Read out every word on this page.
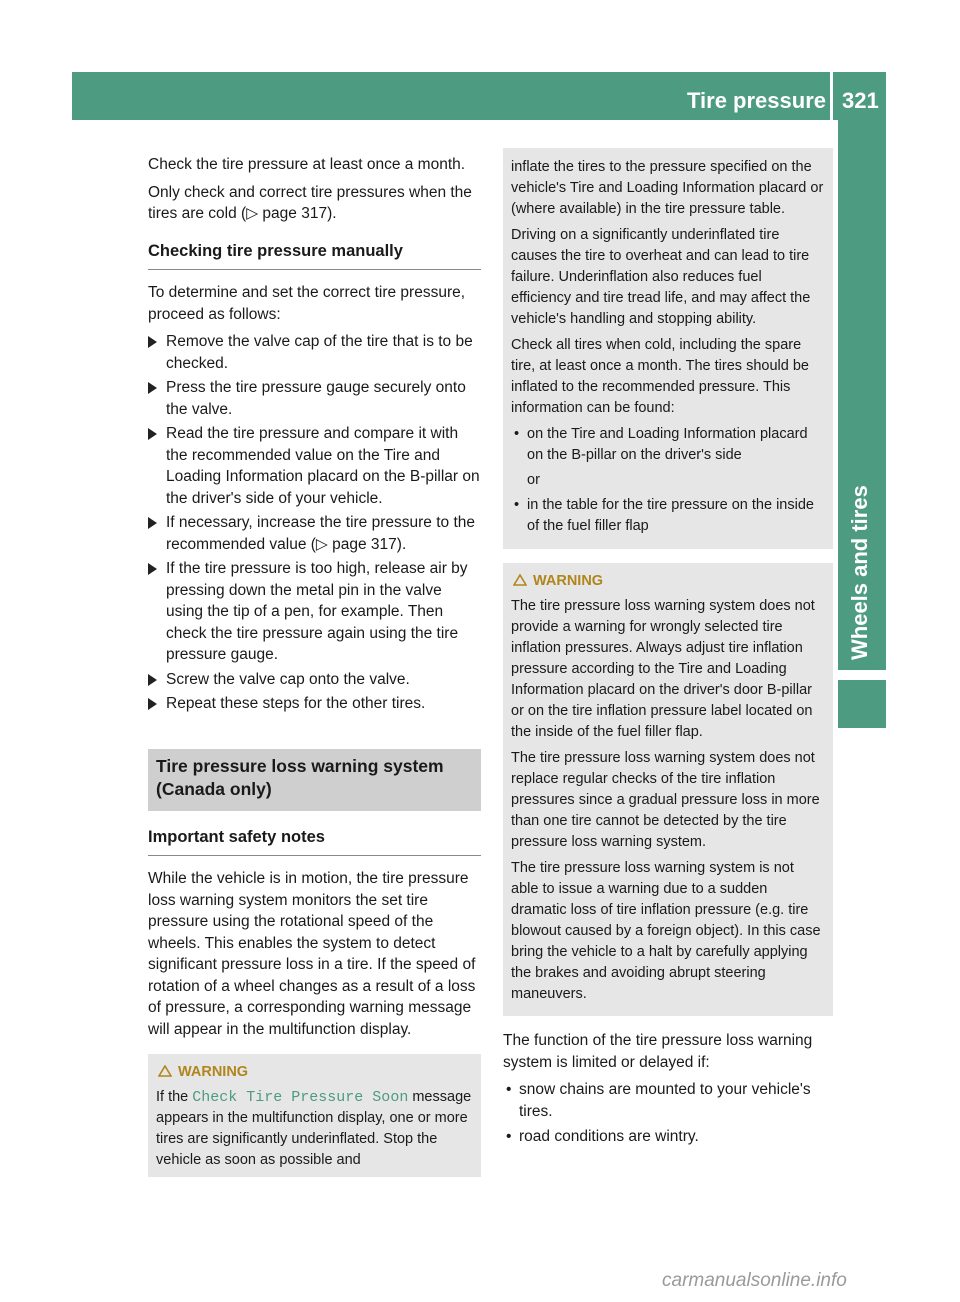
Tire pressure 321
Wheels and tires

Check the tire pressure at least once a month.

Only check and correct tire pressures when the tires are cold (▷ page 317).

Checking tire pressure manually

To determine and set the correct tire pressure, proceed as follows:

Remove the valve cap of the tire that is to be checked.
Press the tire pressure gauge securely onto the valve.
Read the tire pressure and compare it with the recommended value on the Tire and Loading Information placard on the B-pillar on the driver's side of your vehicle.
If necessary, increase the tire pressure to the recommended value (▷ page 317).
If the tire pressure is too high, release air by pressing down the metal pin in the valve using the tip of a pen, for example. Then check the tire pressure again using the tire pressure gauge.
Screw the valve cap onto the valve.
Repeat these steps for the other tires.
Tire pressure loss warning system (Canada only)
Important safety notes

While the vehicle is in motion, the tire pressure loss warning system monitors the set tire pressure using the rotational speed of the wheels. This enables the system to detect significant pressure loss in a tire. If the speed of rotation of a wheel changes as a result of a loss of pressure, a corresponding warning message will appear in the multifunction display.

WARNING
If the Check Tire Pressure Soon message appears in the multifunction display, one or more tires are significantly underinflated. Stop the vehicle as soon as possible and

inflate the tires to the pressure specified on the vehicle's Tire and Loading Information placard or (where available) in the tire pressure table.

Driving on a significantly underinflated tire causes the tire to overheat and can lead to tire failure. Underinflation also reduces fuel efficiency and tire tread life, and may affect the vehicle's handling and stopping ability.

Check all tires when cold, including the spare tire, at least once a month. The tires should be inflated to the recommended pressure. This information can be found:

• on the Tire and Loading Information placard on the B-pillar on the driver's side
or
• in the table for the tire pressure on the inside of the fuel filler flap
WARNING

The tire pressure loss warning system does not provide a warning for wrongly selected tire inflation pressures. Always adjust tire inflation pressure according to the Tire and Loading Information placard on the driver's door B-pillar or on the tire inflation pressure label located on the inside of the fuel filler flap.

The tire pressure loss warning system does not replace regular checks of the tire inflation pressures since a gradual pressure loss in more than one tire cannot be detected by the tire pressure loss warning system.

The tire pressure loss warning system is not able to issue a warning due to a sudden dramatic loss of tire inflation pressure (e.g. tire blowout caused by a foreign object). In this case bring the vehicle to a halt by carefully applying the brakes and avoiding abrupt steering maneuvers.

The function of the tire pressure loss warning system is limited or delayed if:

• snow chains are mounted to your vehicle's tires.
• road conditions are wintry.
carmanualsonline.info
